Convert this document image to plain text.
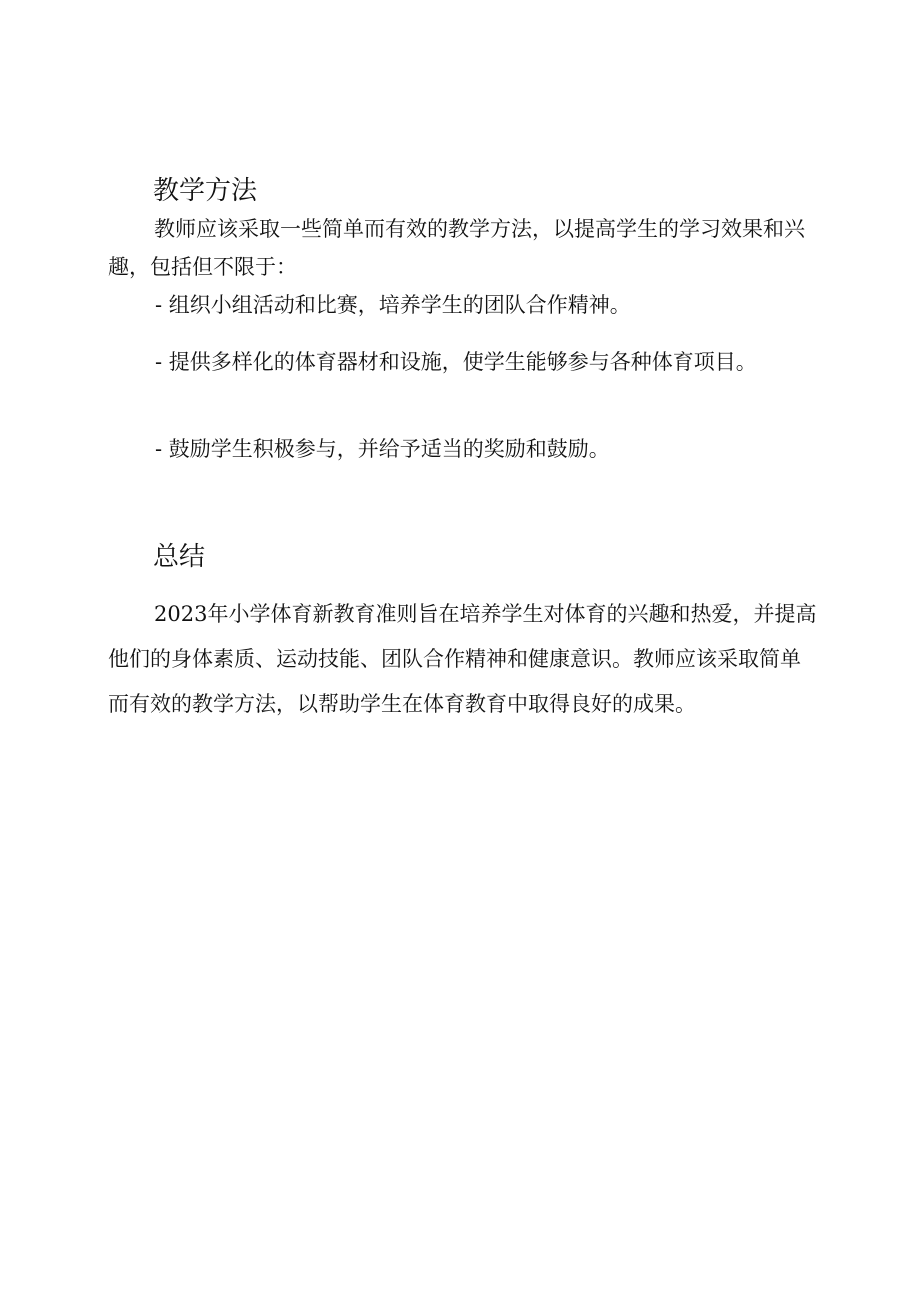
教学方法

教师应该采取一些简单而有效的教学方法，以提高学生的学习效果和兴趣，包括但不限于：

- 组织小组活动和比赛，培养学生的团队合作精神。

- 提供多样化的体育器材和设施，使学生能够参与各种体育项目。

- 鼓励学生积极参与，并给予适当的奖励和鼓励。

总结

2023年小学体育新教育准则旨在培养学生对体育的兴趣和热爱，并提高他们的身体素质、运动技能、团队合作精神和健康意识。教师应该采取简单而有效的教学方法，以帮助学生在体育教育中取得良好的成果。
